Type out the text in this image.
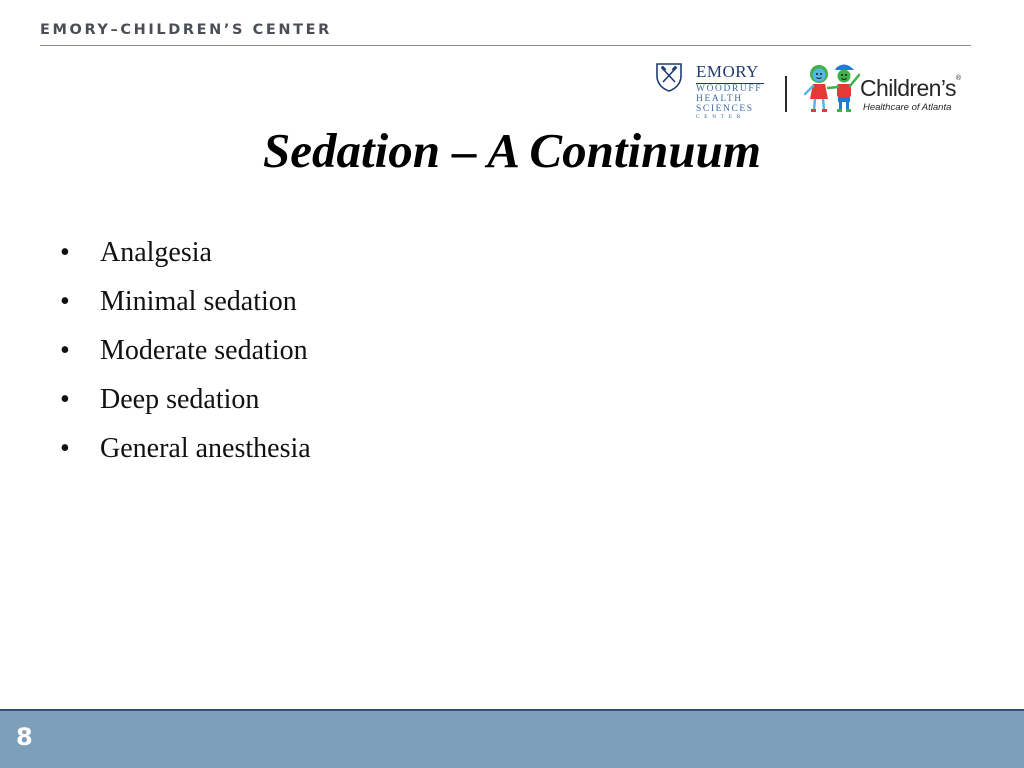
EMORY–CHILDREN’S CENTER
EMORY
WOODRUFF
HEALTH
SCIENCES
CENTER
Children’s®
Healthcare of Atlanta
Sedation – A Continuum
• Analgesia
• Minimal sedation
• Moderate sedation
• Deep sedation
• General anesthesia
8
